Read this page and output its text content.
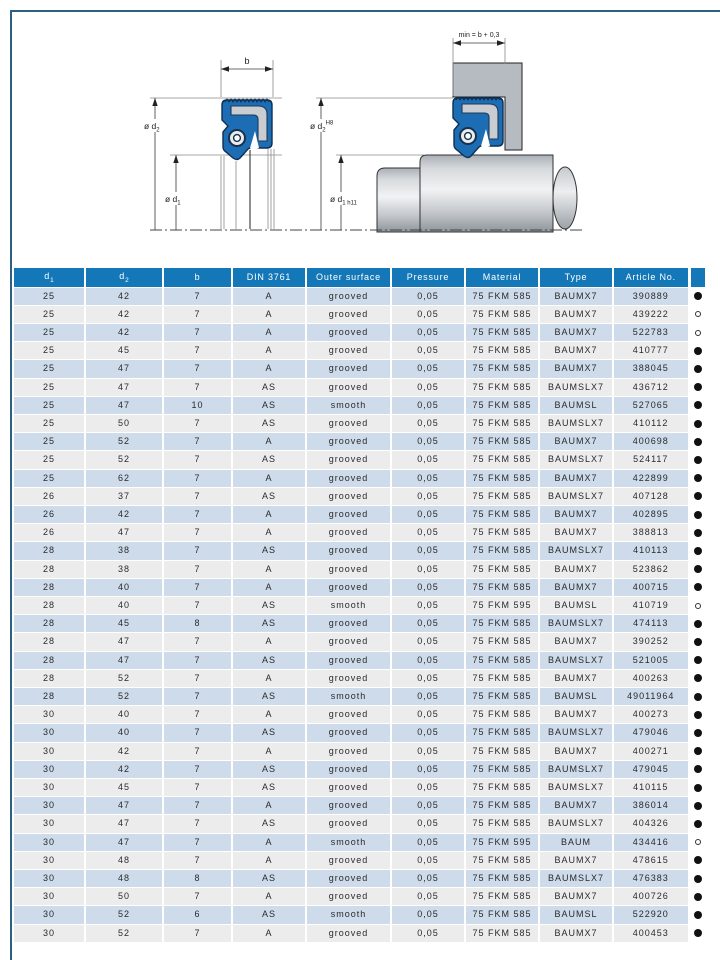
b
ø $d_2$
ø $d_1$
min = b + 0,3
ø $d_2^{H8}$
ø $d_1$ h11
$d_1$	$d_2$	b	DIN 3761	Outer surface	Pressure	Material	Type	Article No.	
25	42	7	A	grooved	0,05	75 FKM 585	BAUMX7	390889	
25	42	7	A	grooved	0,05	75 FKM 585	BAUMX7	439222	
25	42	7	A	grooved	0,05	75 FKM 585	BAUMX7	522783	
25	45	7	A	grooved	0,05	75 FKM 585	BAUMX7	410777	
25	47	7	A	grooved	0,05	75 FKM 585	BAUMX7	388045	
25	47	7	AS	grooved	0,05	75 FKM 585	BAUMSLX7	436712	
25	47	10	AS	smooth	0,05	75 FKM 585	BAUMSL	527065	
25	50	7	AS	grooved	0,05	75 FKM 585	BAUMSLX7	410112	
25	52	7	A	grooved	0,05	75 FKM 585	BAUMX7	400698	
25	52	7	AS	grooved	0,05	75 FKM 585	BAUMSLX7	524117	
25	62	7	A	grooved	0,05	75 FKM 585	BAUMX7	422899	
26	37	7	AS	grooved	0,05	75 FKM 585	BAUMSLX7	407128	
26	42	7	A	grooved	0,05	75 FKM 585	BAUMX7	402895	
26	47	7	A	grooved	0,05	75 FKM 585	BAUMX7	388813	
28	38	7	AS	grooved	0,05	75 FKM 585	BAUMSLX7	410113	
28	38	7	A	grooved	0,05	75 FKM 585	BAUMX7	523862	
28	40	7	A	grooved	0,05	75 FKM 585	BAUMX7	400715	
28	40	7	AS	smooth	0,05	75 FKM 595	BAUMSL	410719	
28	45	8	AS	grooved	0,05	75 FKM 585	BAUMSLX7	474113	
28	47	7	A	grooved	0,05	75 FKM 585	BAUMX7	390252	
28	47	7	AS	grooved	0,05	75 FKM 585	BAUMSLX7	521005	
28	52	7	A	grooved	0,05	75 FKM 585	BAUMX7	400263	
28	52	7	AS	smooth	0,05	75 FKM 585	BAUMSL	49011964	
30	40	7	A	grooved	0,05	75 FKM 585	BAUMX7	400273	
30	40	7	AS	grooved	0,05	75 FKM 585	BAUMSLX7	479046	
30	42	7	A	grooved	0,05	75 FKM 585	BAUMX7	400271	
30	42	7	AS	grooved	0,05	75 FKM 585	BAUMSLX7	479045	
30	45	7	AS	grooved	0,05	75 FKM 585	BAUMSLX7	410115	
30	47	7	A	grooved	0,05	75 FKM 585	BAUMX7	386014	
30	47	7	AS	grooved	0,05	75 FKM 585	BAUMSLX7	404326	
30	47	7	A	smooth	0,05	75 FKM 595	BAUM	434416	
30	48	7	A	grooved	0,05	75 FKM 585	BAUMX7	478615	
30	48	8	AS	grooved	0,05	75 FKM 585	BAUMSLX7	476383	
30	50	7	A	grooved	0,05	75 FKM 585	BAUMX7	400726	
30	52	6	AS	smooth	0,05	75 FKM 585	BAUMSL	522920	
30	52	7	A	grooved	0,05	75 FKM 585	BAUMX7	400453	
